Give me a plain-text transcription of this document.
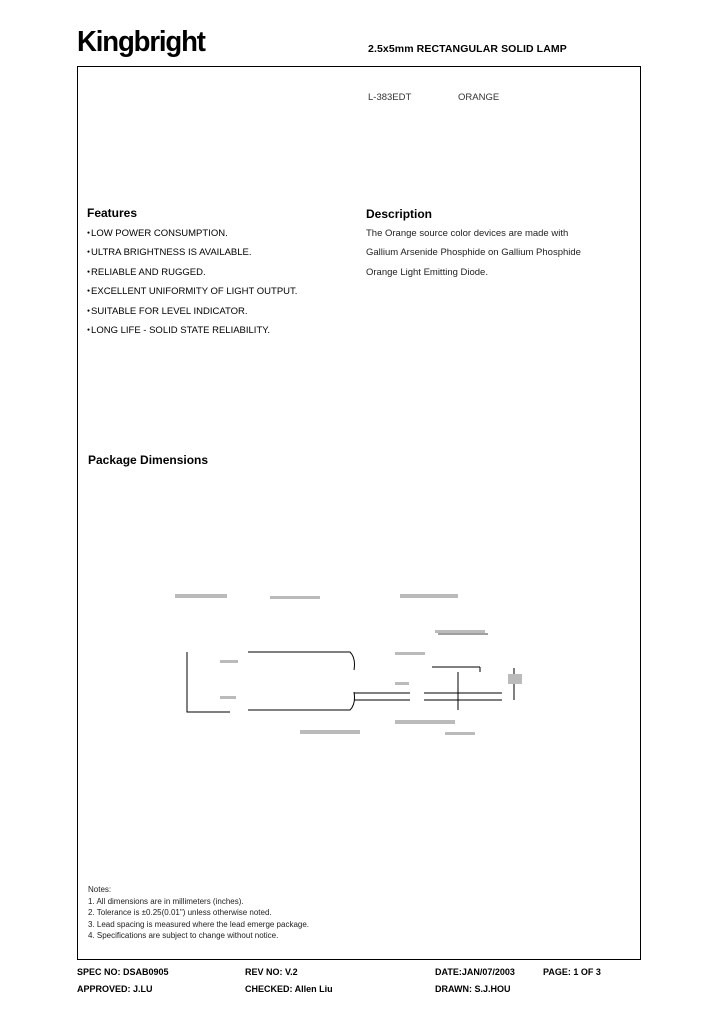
Kingbright	2.5x5mm RECTANGULAR SOLID LAMP
L-383EDT	ORANGE
Features
● LOW POWER CONSUMPTION.
● ULTRA BRIGHTNESS IS AVAILABLE.
● RELIABLE AND RUGGED.
● EXCELLENT UNIFORMITY OF LIGHT OUTPUT.
● SUITABLE FOR LEVEL INDICATOR.
● LONG LIFE - SOLID STATE RELIABILITY.
Description
The Orange source color devices are made with
Gallium Arsenide Phosphide on Gallium Phosphide
Orange Light Emitting Diode.
Package Dimensions
Notes:
1. All dimensions are in millimeters (inches).
2. Tolerance is ±0.25(0.01") unless otherwise noted.
3. Lead spacing is measured where the lead emerge package.
4. Specifications are subject to change without notice.
SPEC NO: DSAB0905	REV NO: V.2	DATE:JAN/07/2003	PAGE: 1 OF 3
APPROVED: J.LU	CHECKED: Allen Liu	DRAWN: S.J.HOU
